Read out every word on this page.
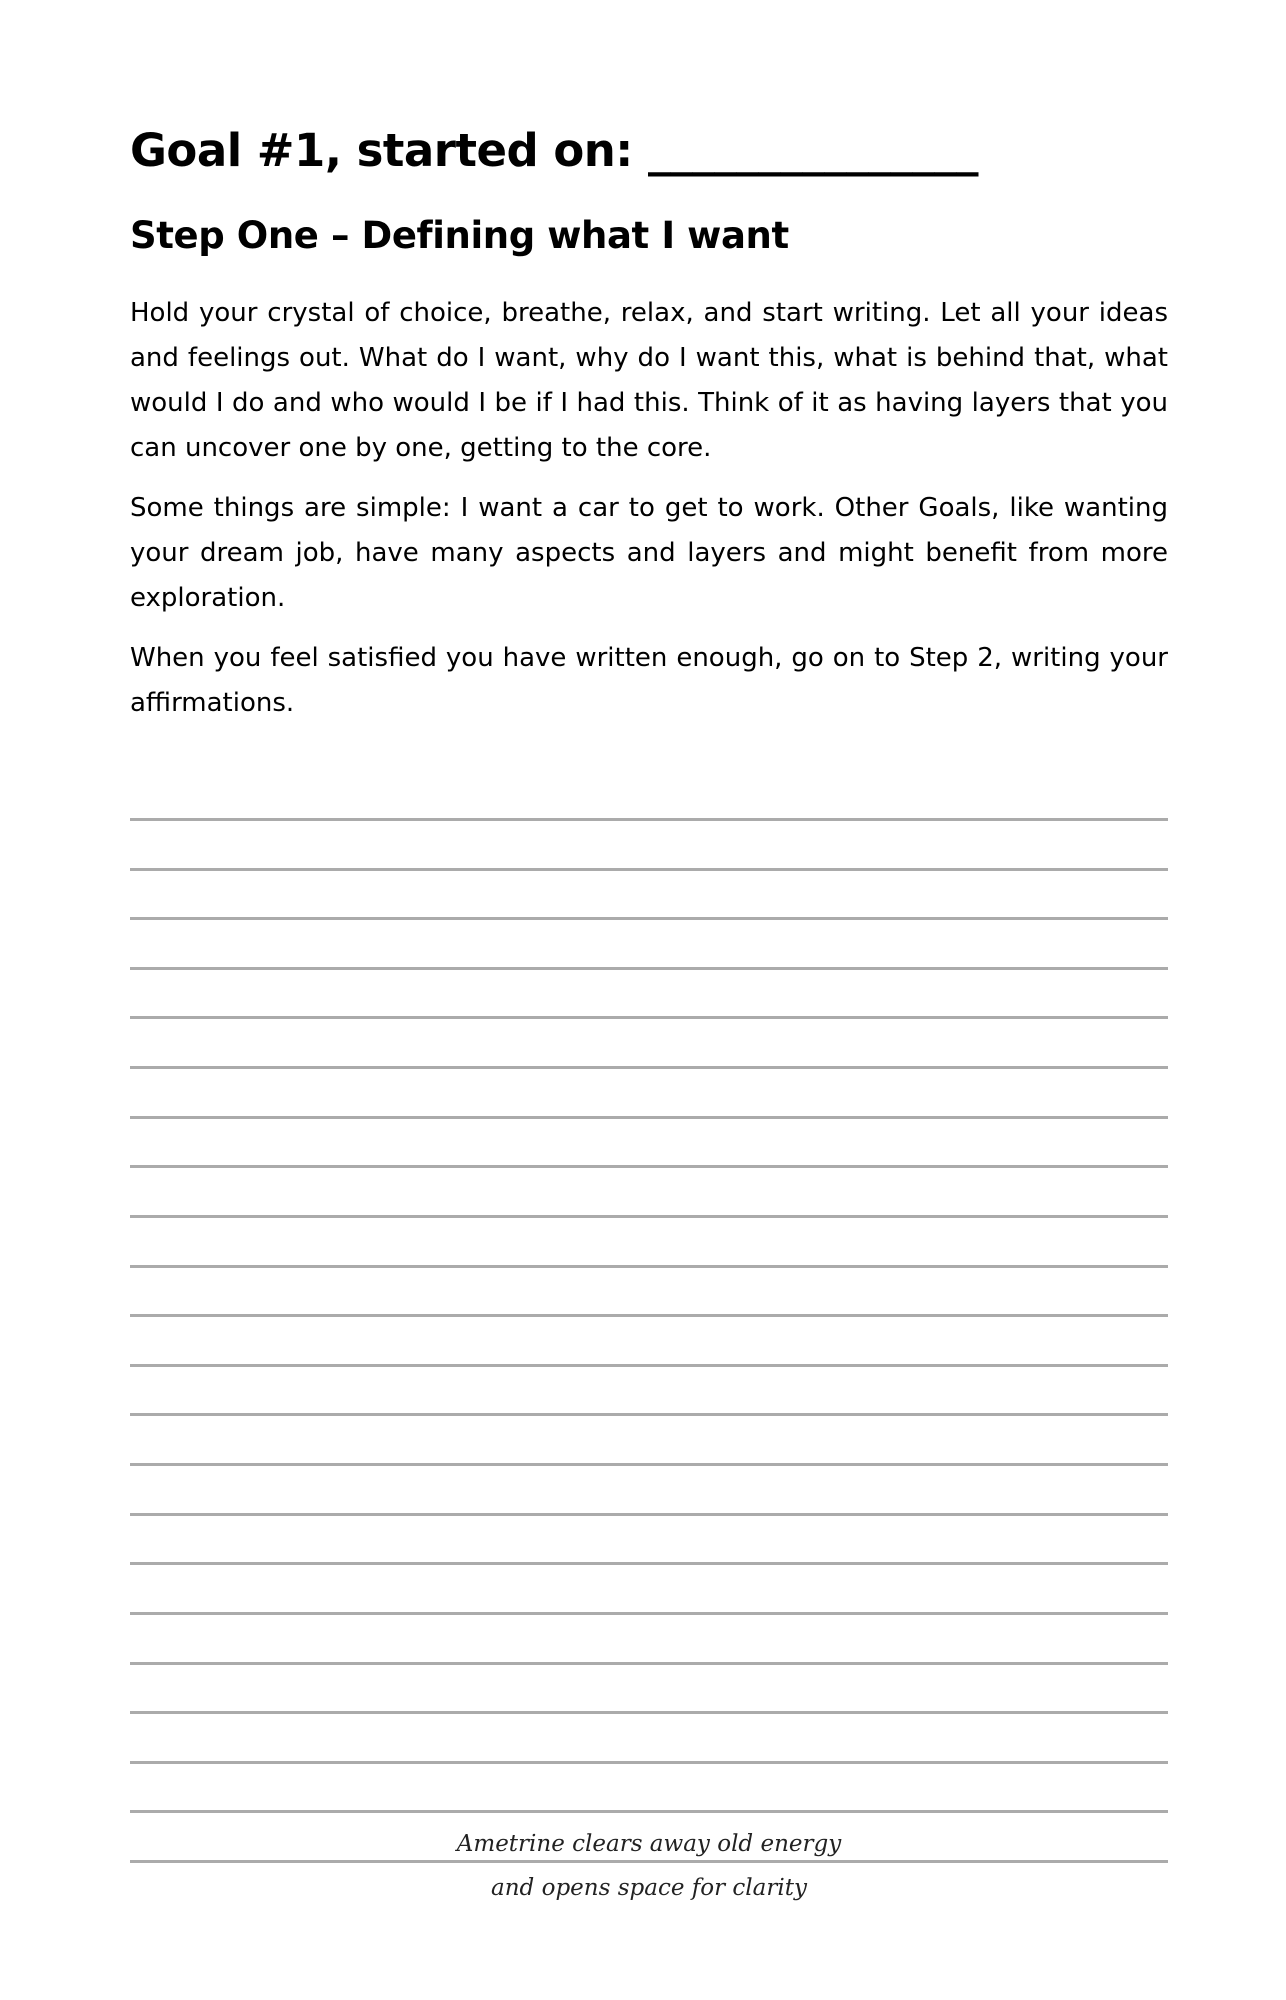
Goal #1, started on: _______________
Step One – Defining what I want

Hold your crystal of choice, breathe, relax, and start writing. Let all your ideas and feelings out. What do I want, why do I want this, what is behind that, what would I do and who would I be if I had this. Think of it as having layers that you can uncover one by one, getting to the core.

Some things are simple: I want a car to get to work. Other Goals, like wanting your dream job, have many aspects and layers and might benefit from more exploration.

When you feel satisfied you have written enough, go on to Step 2, writing your affirmations.

Ametrine clears away old energy
and opens space for clarity
